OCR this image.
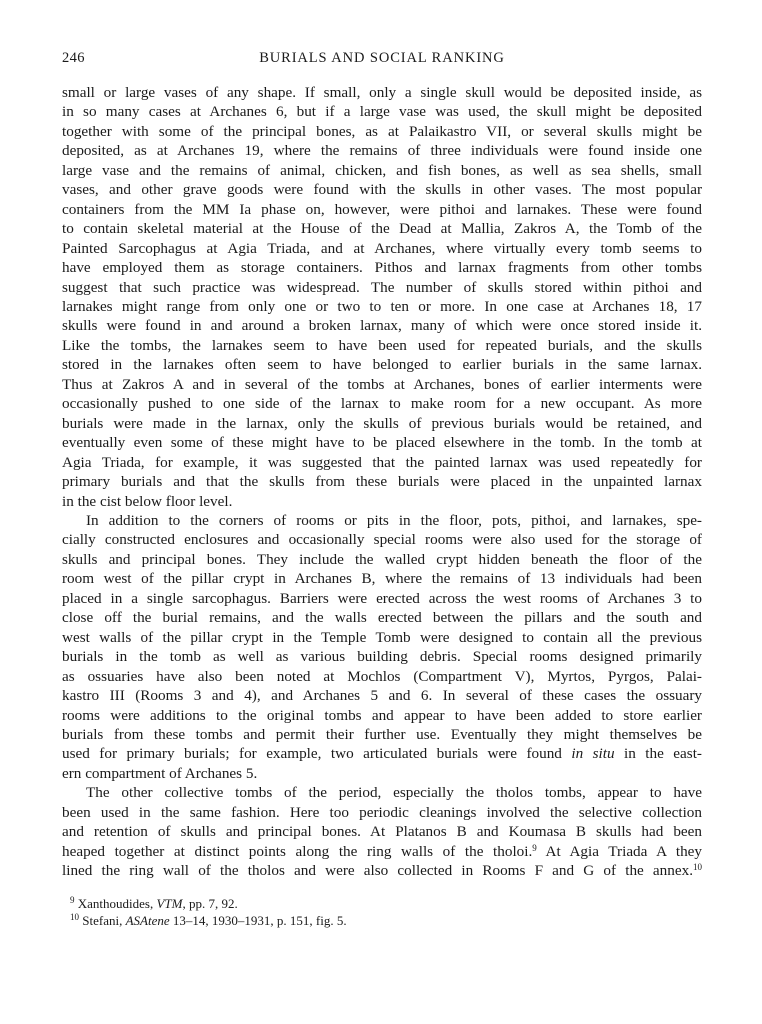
246	BURIALS AND SOCIAL RANKING
small or large vases of any shape. If small, only a single skull would be deposited inside, as
in so many cases at Archanes 6, but if a large vase was used, the skull might be deposited
together with some of the principal bones, as at Palaikastro VII, or several skulls might be
deposited, as at Archanes 19, where the remains of three individuals were found inside one
large vase and the remains of animal, chicken, and fish bones, as well as sea shells, small
vases, and other grave goods were found with the skulls in other vases. The most popular
containers from the MM Ia phase on, however, were pithoi and larnakes. These were found
to contain skeletal material at the House of the Dead at Mallia, Zakros A, the Tomb of the
Painted Sarcophagus at Agia Triada, and at Archanes, where virtually every tomb seems to
have employed them as storage containers. Pithos and larnax fragments from other tombs
suggest that such practice was widespread. The number of skulls stored within pithoi and
larnakes might range from only one or two to ten or more. In one case at Archanes 18, 17
skulls were found in and around a broken larnax, many of which were once stored inside it.
Like the tombs, the larnakes seem to have been used for repeated burials, and the skulls
stored in the larnakes often seem to have belonged to earlier burials in the same larnax.
Thus at Zakros A and in several of the tombs at Archanes, bones of earlier interments were
occasionally pushed to one side of the larnax to make room for a new occupant. As more
burials were made in the larnax, only the skulls of previous burials would be retained, and
eventually even some of these might have to be placed elsewhere in the tomb. In the tomb at
Agia Triada, for example, it was suggested that the painted larnax was used repeatedly for
primary burials and that the skulls from these burials were placed in the unpainted larnax
in the cist below floor level.
In addition to the corners of rooms or pits in the floor, pots, pithoi, and larnakes, spe-
cially constructed enclosures and occasionally special rooms were also used for the storage of
skulls and principal bones. They include the walled crypt hidden beneath the floor of the
room west of the pillar crypt in Archanes B, where the remains of 13 individuals had been
placed in a single sarcophagus. Barriers were erected across the west rooms of Archanes 3 to
close off the burial remains, and the walls erected between the pillars and the south and
west walls of the pillar crypt in the Temple Tomb were designed to contain all the previous
burials in the tomb as well as various building debris. Special rooms designed primarily
as ossuaries have also been noted at Mochlos (Compartment V), Myrtos, Pyrgos, Palai-
kastro III (Rooms 3 and 4), and Archanes 5 and 6. In several of these cases the ossuary
rooms were additions to the original tombs and appear to have been added to store earlier
burials from these tombs and permit their further use. Eventually they might themselves be
used for primary burials; for example, two articulated burials were found in situ in the east-
ern compartment of Archanes 5.
The other collective tombs of the period, especially the tholos tombs, appear to have
been used in the same fashion. Here too periodic cleanings involved the selective collection
and retention of skulls and principal bones. At Platanos B and Koumasa B skulls had been
heaped together at distinct points along the ring walls of the tholoi.$^9$ At Agia Triada A they
lined the ring wall of the tholos and were also collected in Rooms F and G of the annex.$^{10}$
$^9$ Xanthoudides, VTM, pp. 7, 92.
$^{10}$ Stefani, ASAtene 13–14, 1930–1931, p. 151, fig. 5.
